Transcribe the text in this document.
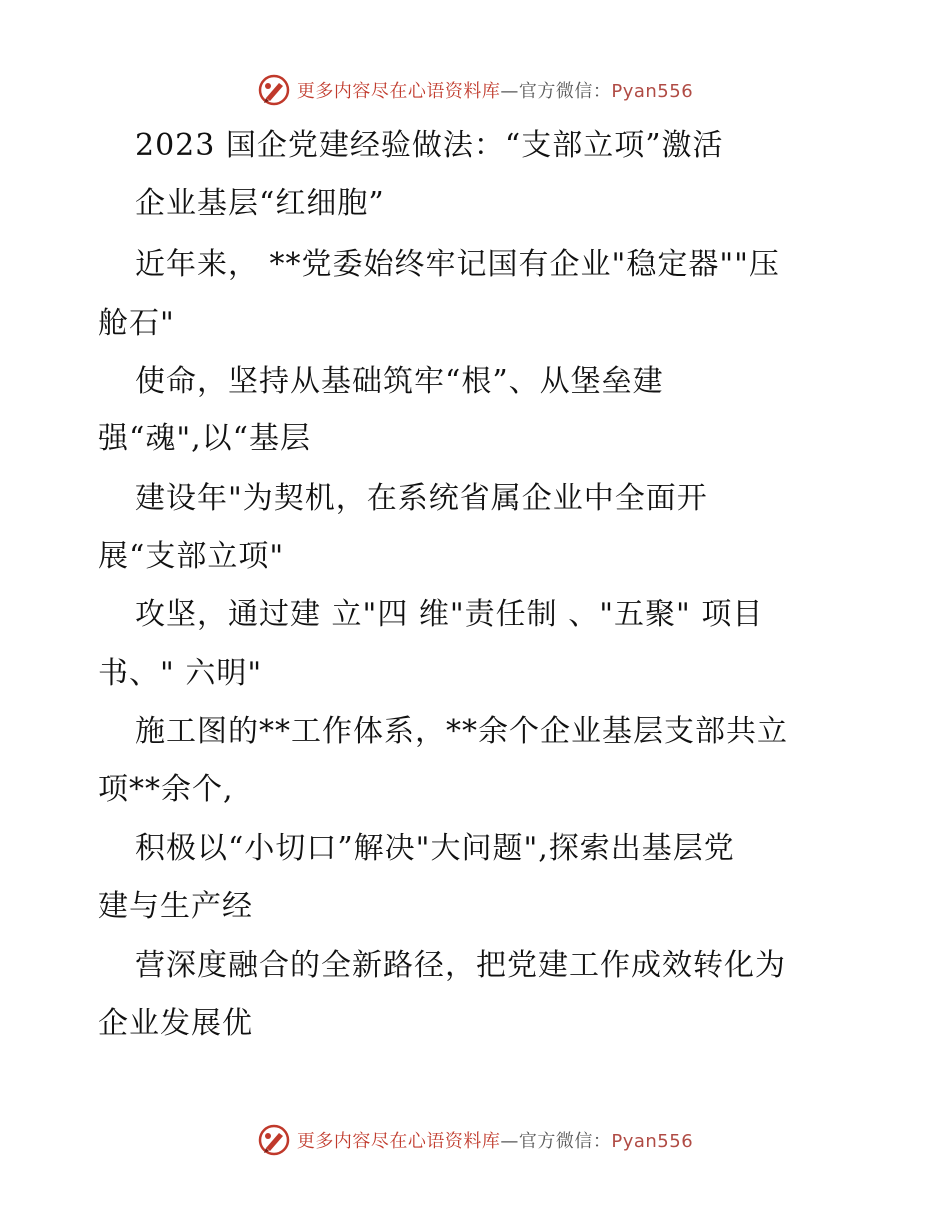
更多内容尽在心语资料库—官方微信：Pyan556
2023 国企党建经验做法：“支部立项”激活
企业基层“红细胞”
近年来， **党委始终牢记国有企业"稳定器""压
舱石"
使命，坚持从基础筑牢“根”、从堡垒建
强“魂",以“基层
建设年"为契机，在系统省属企业中全面开
展“支部立项"
攻坚，通过建 立"四 维"责任制 、"五聚" 项目
书、" 六明"
施工图的**工作体系，**余个企业基层支部共立
项**余个,
积极以“小切口”解决"大问题",探索出基层党
建与生产经
营深度融合的全新路径，把党建工作成效转化为
企业发展优
更多内容尽在心语资料库—官方微信：Pyan556
